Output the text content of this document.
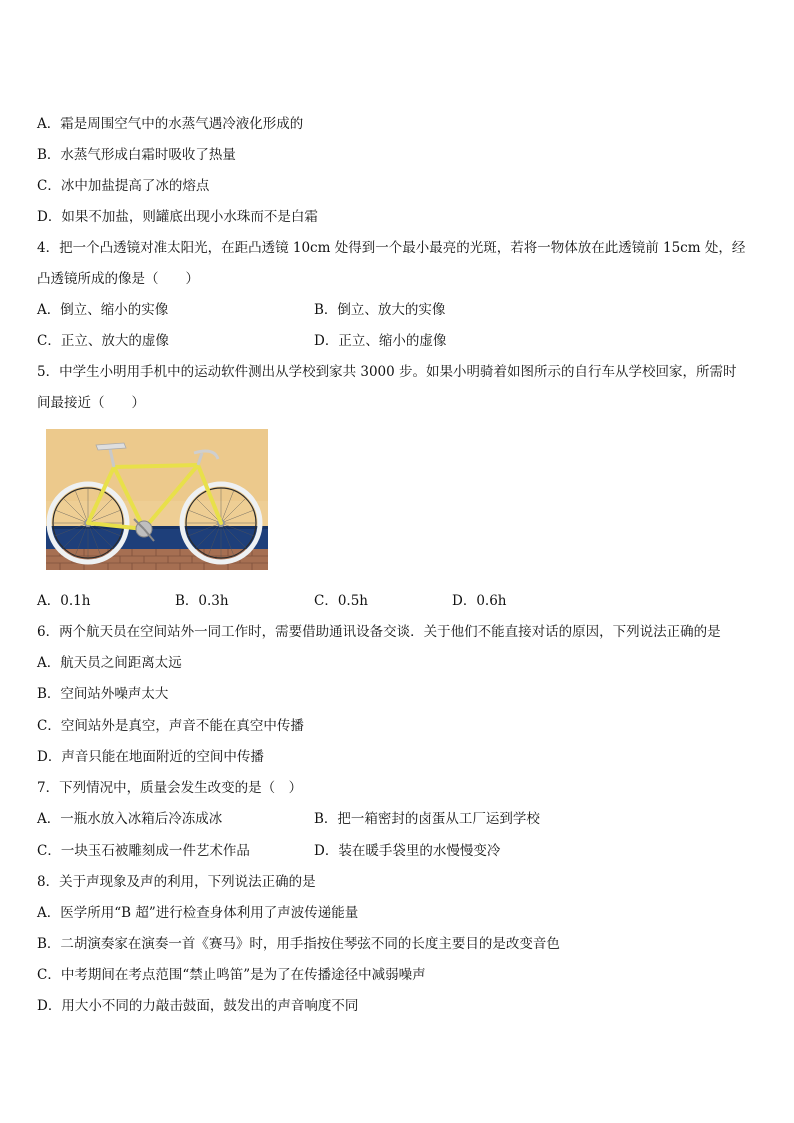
A．霜是周围空气中的水蒸气遇冷液化形成的
B．水蒸气形成白霜时吸收了热量
C．冰中加盐提高了冰的熔点
D．如果不加盐，则罐底出现小水珠而不是白霜
4．把一个凸透镜对准太阳光，在距凸透镜 10cm 处得到一个最小最亮的光斑，若将一物体放在此透镜前 15cm 处，经
凸透镜所成的像是（　　）
A．倒立、缩小的实像	B．倒立、放大的实像
C．正立、放大的虚像	D．正立、缩小的虚像
5．中学生小明用手机中的运动软件测出从学校到家共 3000 步。如果小明骑着如图所示的自行车从学校回家，所需时
间最接近（　　）
A．0.1h	B．0.3h	C．0.5h	D．0.6h
6．两个航天员在空间站外一同工作时，需要借助通讯设备交谈．关于他们不能直接对话的原因，下列说法正确的是
A．航天员之间距离太远
B．空间站外噪声太大
C．空间站外是真空，声音不能在真空中传播
D．声音只能在地面附近的空间中传播
7．下列情况中，质量会发生改变的是（　）
A．一瓶水放入冰箱后冷冻成冰	B．把一箱密封的卤蛋从工厂运到学校
C．一块玉石被雕刻成一件艺术作品	D．装在暖手袋里的水慢慢变冷
8．关于声现象及声的利用，下列说法正确的是
A．医学所用“B 超”进行检查身体利用了声波传递能量
B．二胡演奏家在演奏一首《赛马》时，用手指按住琴弦不同的长度主要目的是改变音色
C．中考期间在考点范围“禁止鸣笛”是为了在传播途径中减弱噪声
D．用大小不同的力敲击鼓面，鼓发出的声音响度不同
